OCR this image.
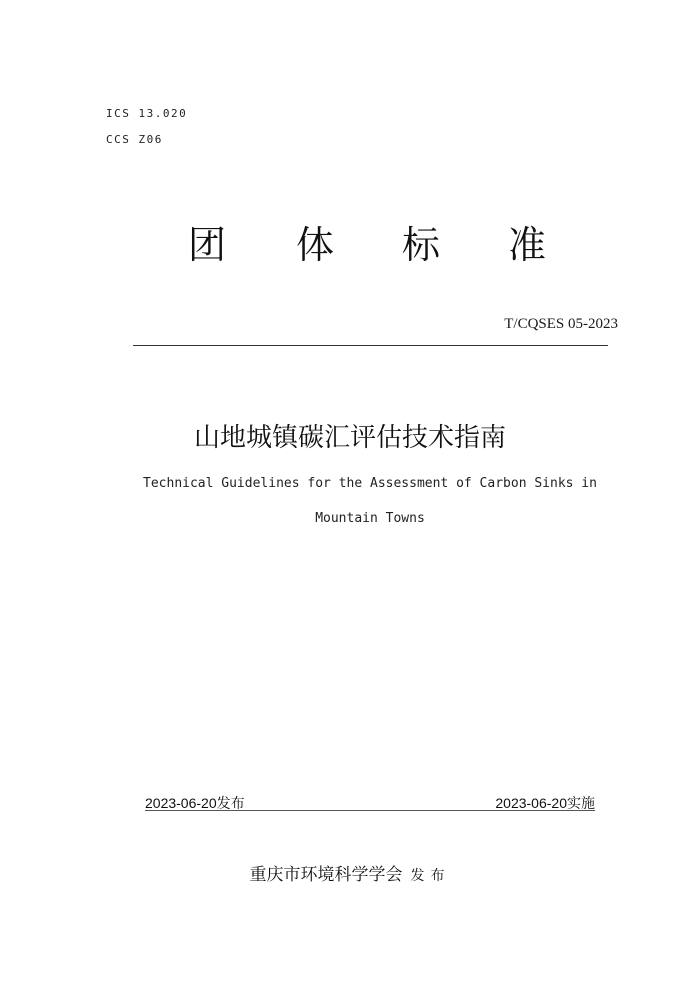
ICS 13.020
CCS Z06
团 体 标 准
T/CQSES 05-2023
山地城镇碳汇评估技术指南
Technical Guidelines for the Assessment of Carbon Sinks in
Mountain Towns
2023-06-20发布	2023-06-20实施
重庆市环境科学学会 发布
